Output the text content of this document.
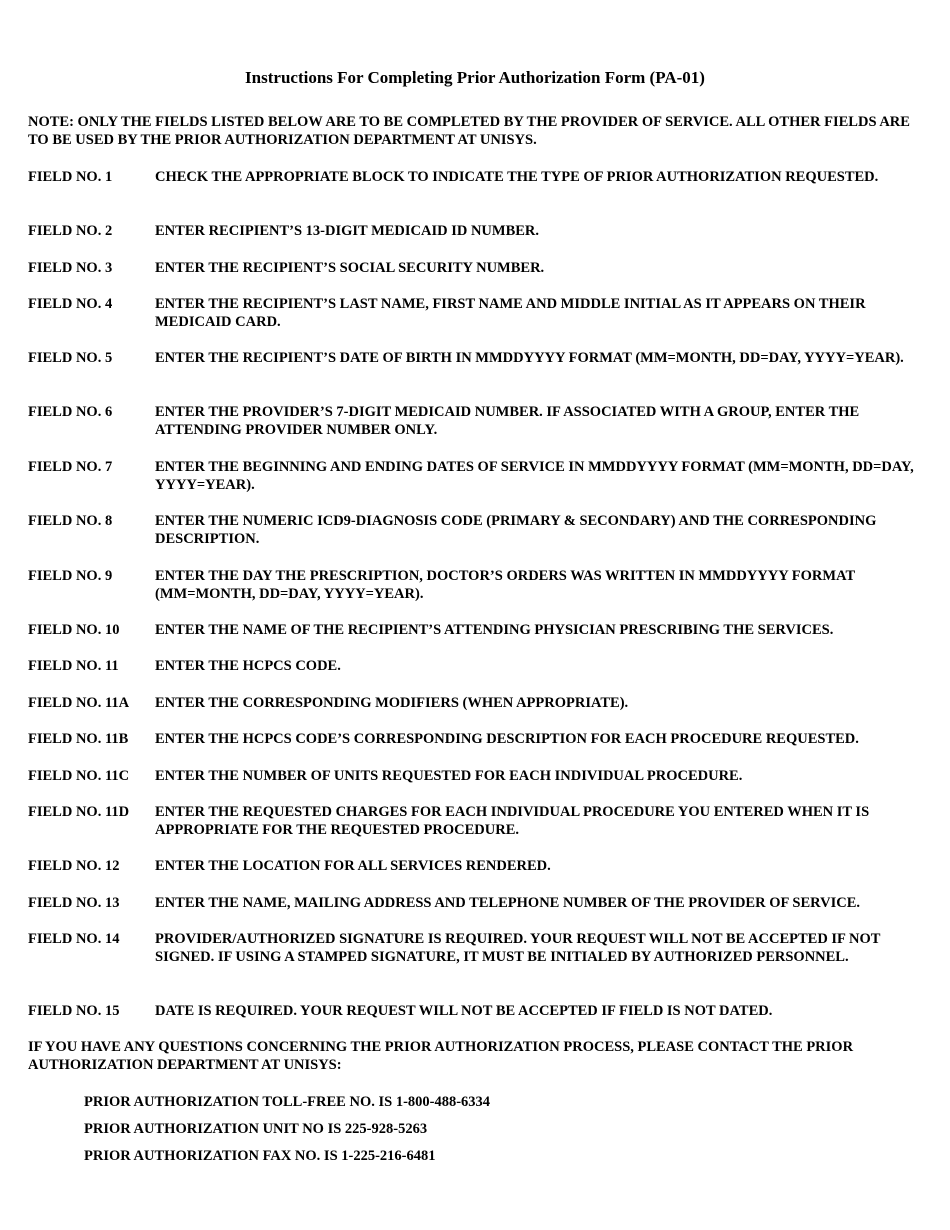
Instructions For Completing Prior Authorization Form (PA-01)

NOTE: ONLY THE FIELDS LISTED BELOW ARE TO BE COMPLETED BY THE PROVIDER OF SERVICE. ALL OTHER FIELDS ARE TO BE USED BY THE PRIOR AUTHORIZATION DEPARTMENT AT UNISYS.

FIELD NO. 1	CHECK THE APPROPRIATE BLOCK TO INDICATE THE TYPE OF PRIOR AUTHORIZATION REQUESTED.
FIELD NO. 2	ENTER RECIPIENT’S 13-DIGIT MEDICAID ID NUMBER.
FIELD NO. 3	ENTER THE RECIPIENT’S SOCIAL SECURITY NUMBER.
FIELD NO. 4	ENTER THE RECIPIENT’S LAST NAME, FIRST NAME AND MIDDLE INITIAL AS IT APPEARS ON THEIR MEDICAID CARD.
FIELD NO. 5	ENTER THE RECIPIENT’S DATE OF BIRTH IN MMDDYYYY FORMAT (MM=MONTH, DD=DAY, YYYY=YEAR).
FIELD NO. 6	ENTER THE PROVIDER’S 7-DIGIT MEDICAID NUMBER. IF ASSOCIATED WITH A GROUP, ENTER THE ATTENDING PROVIDER NUMBER ONLY.
FIELD NO. 7	ENTER THE BEGINNING AND ENDING DATES OF SERVICE IN MMDDYYYY FORMAT (MM=MONTH, DD=DAY, YYYY=YEAR).
FIELD NO. 8	ENTER THE NUMERIC ICD9-DIAGNOSIS CODE (PRIMARY & SECONDARY) AND THE CORRESPONDING DESCRIPTION.
FIELD NO. 9	ENTER THE DAY THE PRESCRIPTION, DOCTOR’S ORDERS WAS WRITTEN IN MMDDYYYY FORMAT (MM=MONTH, DD=DAY, YYYY=YEAR).
FIELD NO. 10	ENTER THE NAME OF THE RECIPIENT’S ATTENDING PHYSICIAN PRESCRIBING THE SERVICES.
FIELD NO. 11	ENTER THE HCPCS CODE.
FIELD NO. 11A	ENTER THE CORRESPONDING MODIFIERS (WHEN APPROPRIATE).
FIELD NO. 11B	ENTER THE HCPCS CODE’S CORRESPONDING DESCRIPTION FOR EACH PROCEDURE REQUESTED.
FIELD NO. 11C	ENTER THE NUMBER OF UNITS REQUESTED FOR EACH INDIVIDUAL PROCEDURE.
FIELD NO. 11D	ENTER THE REQUESTED CHARGES FOR EACH INDIVIDUAL PROCEDURE YOU ENTERED WHEN IT IS APPROPRIATE FOR THE REQUESTED PROCEDURE.
FIELD NO. 12	ENTER THE LOCATION FOR ALL SERVICES RENDERED.
FIELD NO. 13	ENTER THE NAME, MAILING ADDRESS AND TELEPHONE NUMBER OF THE PROVIDER OF SERVICE.
FIELD NO. 14	PROVIDER/AUTHORIZED SIGNATURE IS REQUIRED. YOUR REQUEST WILL NOT BE ACCEPTED IF NOT SIGNED. IF USING A STAMPED SIGNATURE, IT MUST BE INITIALED BY AUTHORIZED PERSONNEL.
FIELD NO. 15	DATE IS REQUIRED. YOUR REQUEST WILL NOT BE ACCEPTED IF FIELD IS NOT DATED.

IF YOU HAVE ANY QUESTIONS CONCERNING THE PRIOR AUTHORIZATION PROCESS, PLEASE CONTACT THE PRIOR AUTHORIZATION DEPARTMENT AT UNISYS:

PRIOR AUTHORIZATION TOLL-FREE NO. IS 1-800-488-6334
PRIOR AUTHORIZATION UNIT NO IS 225-928-5263
PRIOR AUTHORIZATION FAX NO. IS 1-225-216-6481
